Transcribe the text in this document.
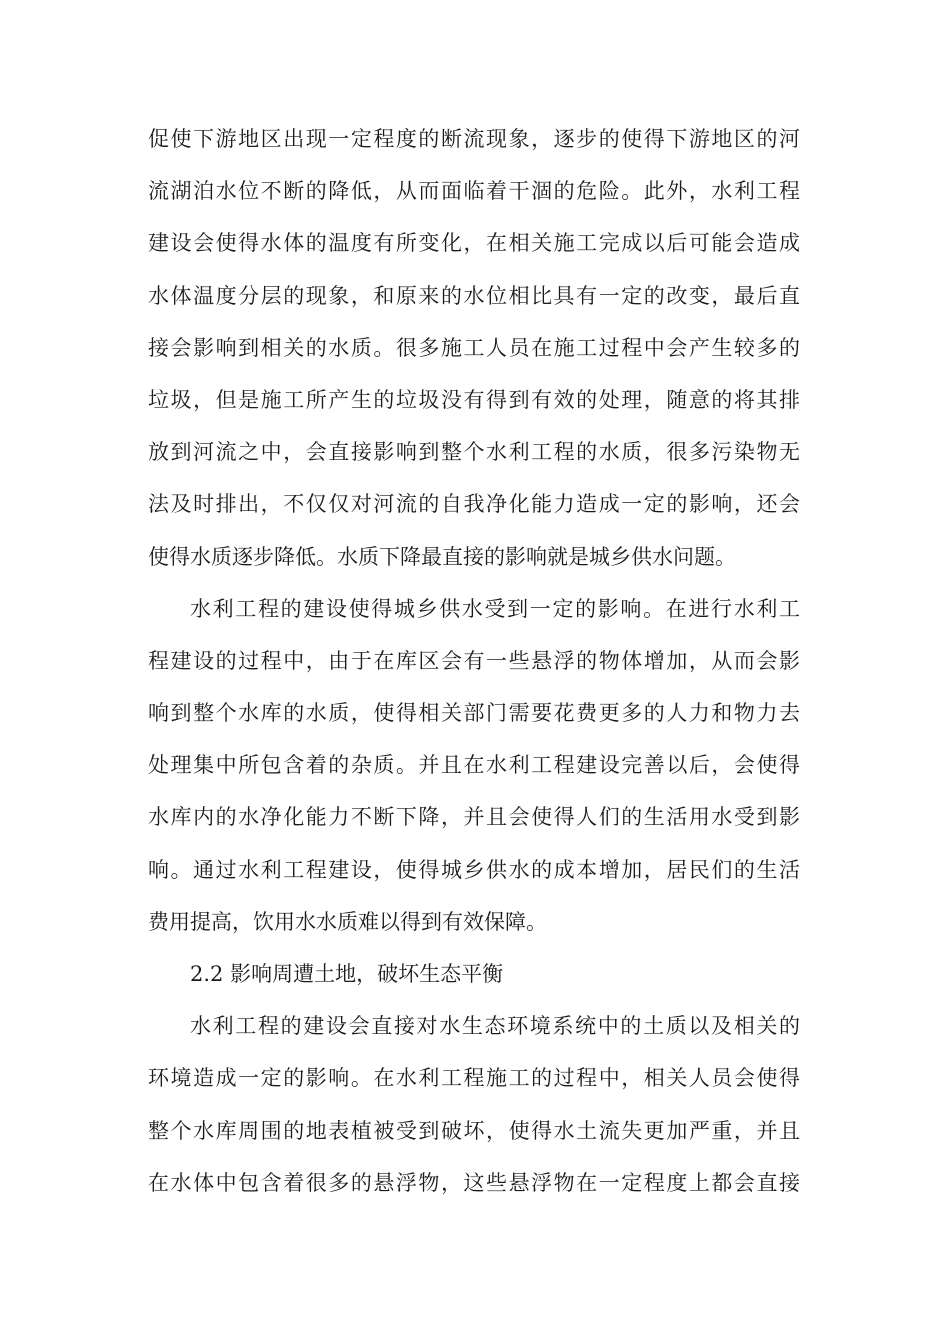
促使下游地区出现一定程度的断流现象，逐步的使得下游地区的河
流湖泊水位不断的降低，从而面临着干涸的危险。此外，水利工程
建设会使得水体的温度有所变化，在相关施工完成以后可能会造成
水体温度分层的现象，和原来的水位相比具有一定的改变，最后直
接会影响到相关的水质。很多施工人员在施工过程中会产生较多的
垃圾，但是施工所产生的垃圾没有得到有效的处理，随意的将其排
放到河流之中，会直接影响到整个水利工程的水质，很多污染物无
法及时排出，不仅仅对河流的自我净化能力造成一定的影响，还会
使得水质逐步降低。水质下降最直接的影响就是城乡供水问题。
水利工程的建设使得城乡供水受到一定的影响。在进行水利工
程建设的过程中，由于在库区会有一些悬浮的物体增加，从而会影
响到整个水库的水质，使得相关部门需要花费更多的人力和物力去
处理集中所包含着的杂质。并且在水利工程建设完善以后，会使得
水库内的水净化能力不断下降，并且会使得人们的生活用水受到影
响。通过水利工程建设，使得城乡供水的成本增加，居民们的生活
费用提高，饮用水水质难以得到有效保障。
2.2 影响周遭土地，破坏生态平衡
水利工程的建设会直接对水生态环境系统中的土质以及相关的
环境造成一定的影响。在水利工程施工的过程中，相关人员会使得
整个水库周围的地表植被受到破坏，使得水土流失更加严重，并且
在水体中包含着很多的悬浮物，这些悬浮物在一定程度上都会直接
